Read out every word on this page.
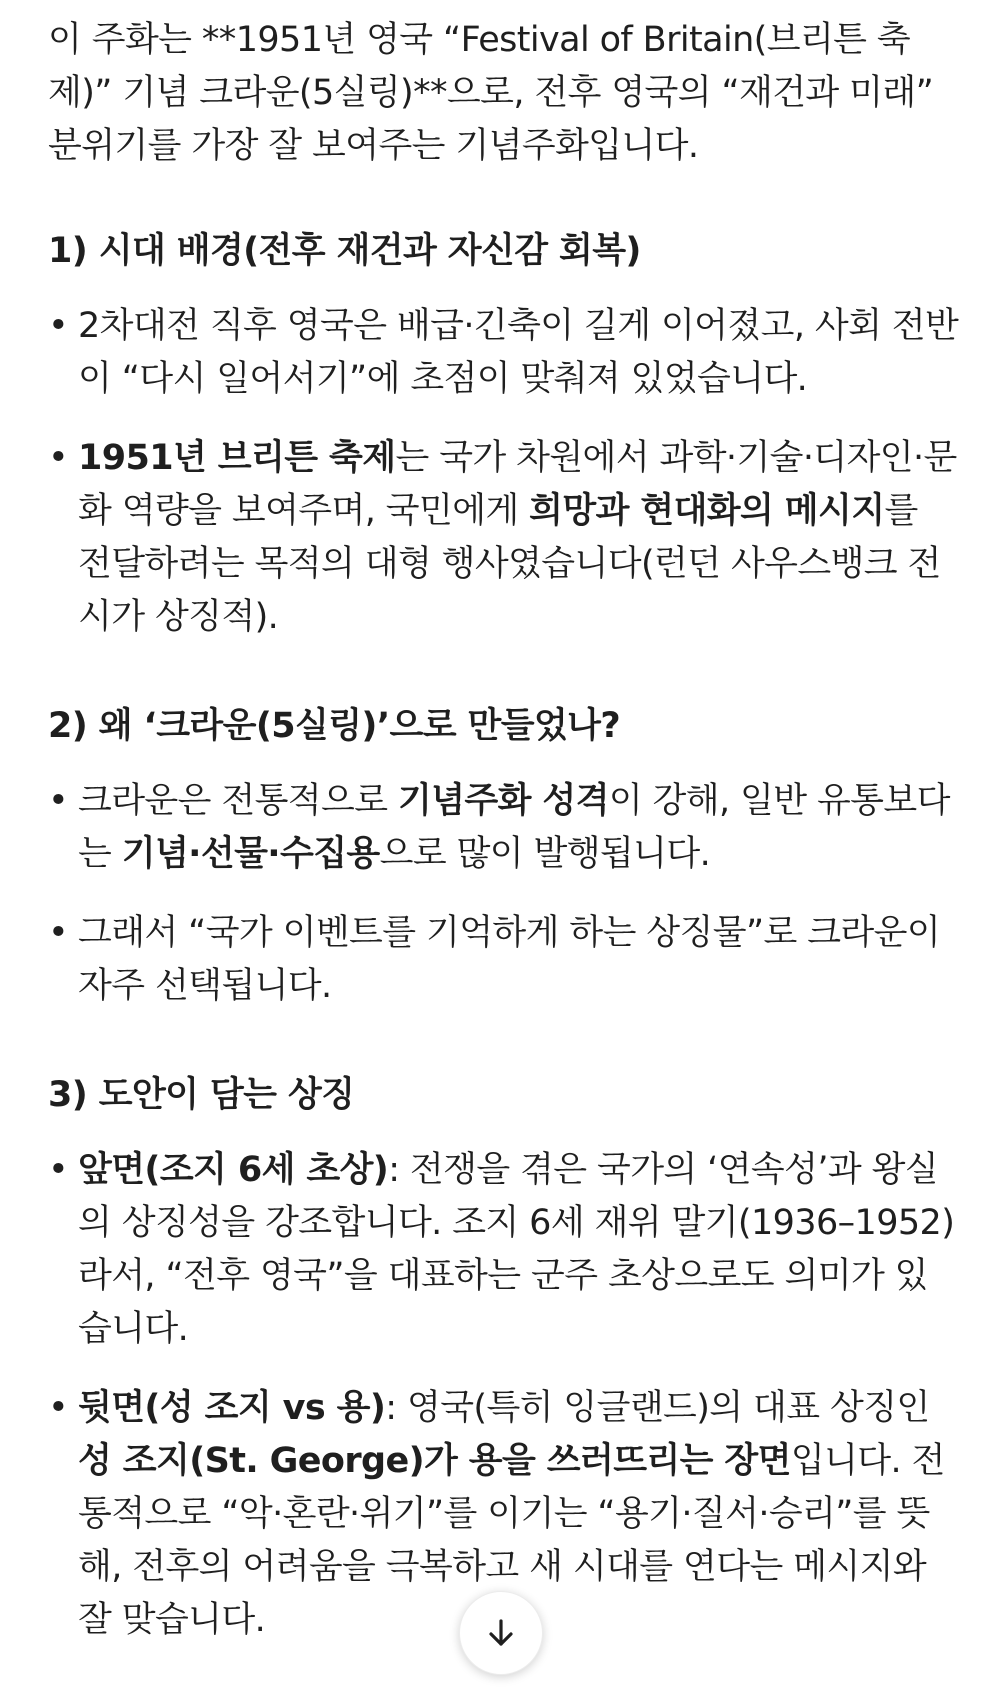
이 주화는 **1951년 영국 “Festival of Britain(브리튼 축제)” 기념 크라운(5실링)**으로, 전후 영국의 “재건과 미래” 분위기를 가장 잘 보여주는 기념주화입니다.

1) 시대 배경(전후 재건과 자신감 회복)

• 2차대전 직후 영국은 배급·긴축이 길게 이어졌고, 사회 전반이 “다시 일어서기”에 초점이 맞춰져 있었습니다.
• 1951년 브리튼 축제는 국가 차원에서 과학·기술·디자인·문화 역량을 보여주며, 국민에게 희망과 현대화의 메시지를 전달하려는 목적의 대형 행사였습니다(런던 사우스뱅크 전시가 상징적).

2) 왜 ‘크라운(5실링)’으로 만들었나?

• 크라운은 전통적으로 기념주화 성격이 강해, 일반 유통보다는 기념·선물·수집용으로 많이 발행됩니다.
• 그래서 “국가 이벤트를 기억하게 하는 상징물”로 크라운이 자주 선택됩니다.

3) 도안이 담는 상징

• 앞면(조지 6세 초상): 전쟁을 겪은 국가의 ‘연속성’과 왕실의 상징성을 강조합니다. 조지 6세 재위 말기(1936–1952)라서, “전후 영국”을 대표하는 군주 초상으로도 의미가 있습니다.
• 뒷면(성 조지 vs 용): 영국(특히 잉글랜드)의 대표 상징인 성 조지(St. George)가 용을 쓰러뜨리는 장면입니다. 전통적으로 “악·혼란·위기”를 이기는 “용기·질서·승리”를 뜻해, 전후의 어려움을 극복하고 새 시대를 연다는 메시지와 잘 맞습니다.
